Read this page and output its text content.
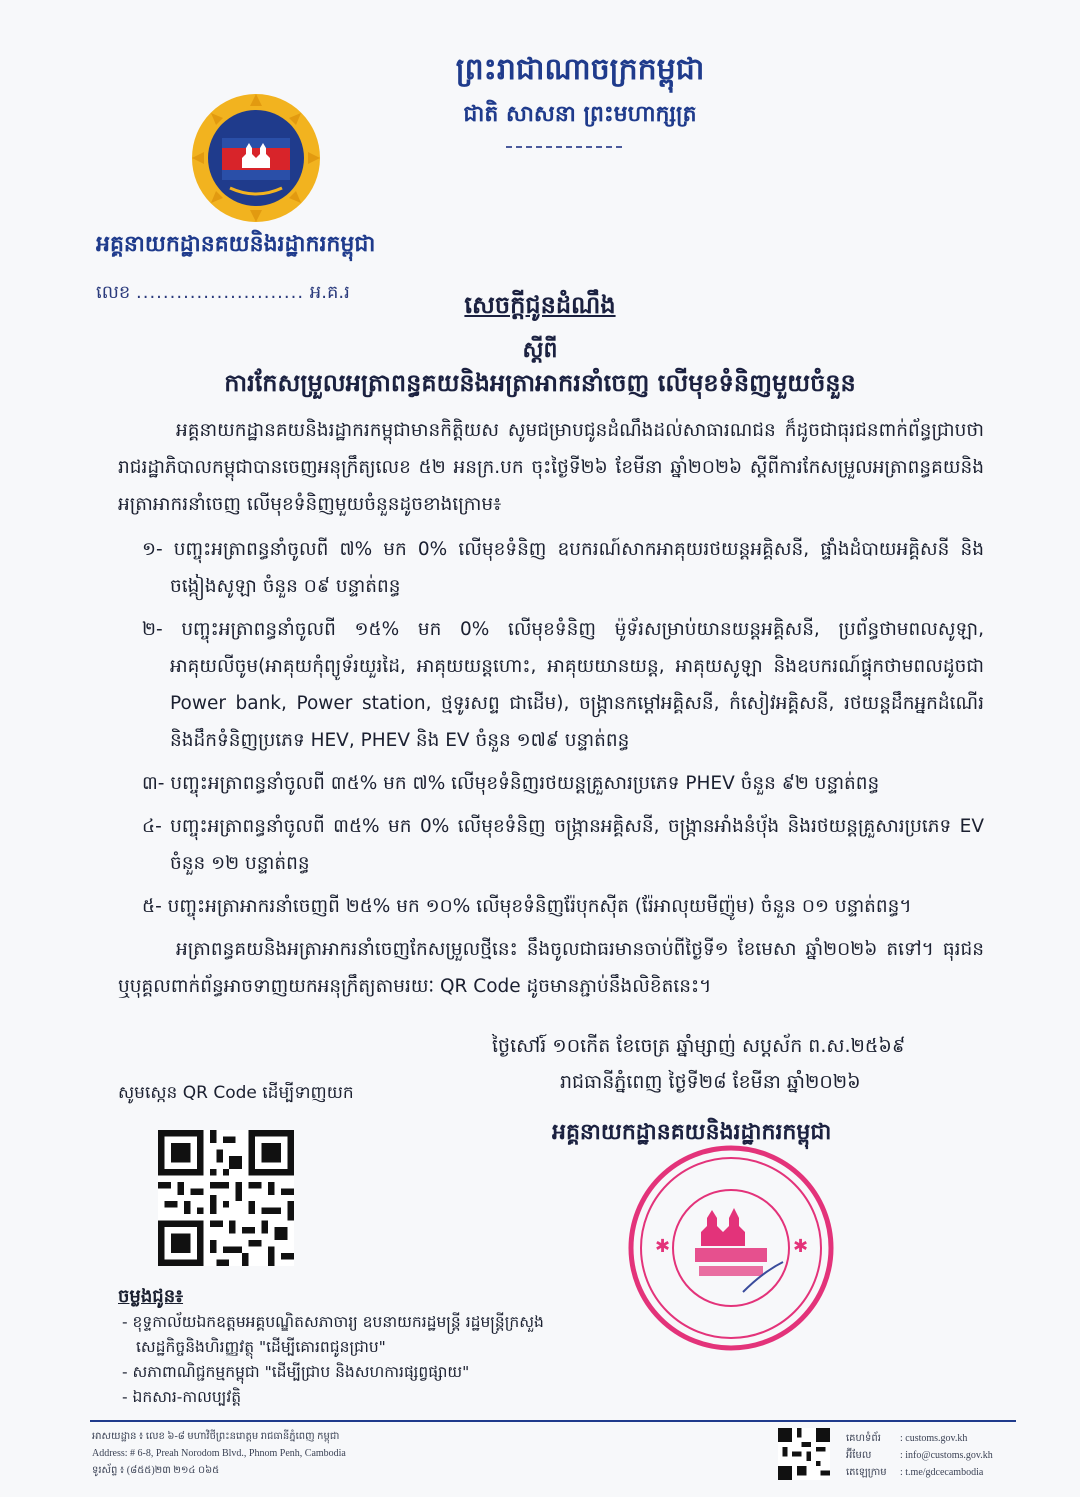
ព្រះរាជាណាចក្រកម្ពុជា
ជាតិ សាសនា ព្រះមហាក្សត្រ
អគ្គនាយកដ្ឋានគយនិងរដ្ឋាករកម្ពុជា
លេខ ......................... អ.គ.រ	សេចក្តីជូនដំណឹង
ស្តីពី
ការកែសម្រួលអត្រាពន្ធគយនិងអត្រាអាករនាំចេញ លើមុខទំនិញមួយចំនួន

អគ្គនាយកដ្ឋានគយនិងរដ្ឋាករកម្ពុជាមានកិត្តិយស សូមជម្រាបជូនដំណឹងដល់សាធារណជន ក៏ដូចជាធុរជនពាក់ព័ន្ធជ្រាបថា រាជរដ្ឋាភិបាលកម្ពុជាបានចេញអនុក្រឹត្យលេខ ៥២ អនក្រ.បក ចុះថ្ងៃទី២៦ ខែមីនា ឆ្នាំ២០២៦ ស្តីពីការកែសម្រួលអត្រាពន្ធគយនិងអត្រាអាករនាំចេញ លើមុខទំនិញមួយចំនួនដូចខាងក្រោម៖

១- បញ្ចុះអត្រាពន្ធនាំចូលពី ៧% មក 0% លើមុខទំនិញ ឧបករណ៍សាកអាគុយរថយន្តអគ្គិសនី, ផ្ទាំងដំបាយអគ្គិសនី និងចង្កៀងសូឡា ចំនួន ០៩ បន្ទាត់ពន្ធ

២- បញ្ចុះអត្រាពន្ធនាំចូលពី ១៥% មក 0% លើមុខទំនិញ ម៉ូទ័រសម្រាប់យានយន្តអគ្គិសនី, ប្រព័ន្ធថាមពលសូឡា, អាគុយលីចូម(អាគុយកុំព្យូទ័រយួរដៃ, អាគុយយន្តហោះ, អាគុយយានយន្ត, អាគុយសូឡា និងឧបករណ៍ផ្ទុកថាមពលដូចជា Power bank, Power station, ថ្មទូរសព្ទ ជាដើម), ចង្ក្រានកម្តៅអគ្គិសនី, កំសៀវអគ្គិសនី, រថយន្តដឹកអ្នកដំណើរ និងដឹកទំនិញប្រភេទ HEV, PHEV និង EV ចំនួន ១៧៩ បន្ទាត់ពន្ធ

៣- បញ្ចុះអត្រាពន្ធនាំចូលពី ៣៥% មក ៧% លើមុខទំនិញរថយន្តគ្រួសារប្រភេទ PHEV ចំនួន ៩២ បន្ទាត់ពន្ធ

៤- បញ្ចុះអត្រាពន្ធនាំចូលពី ៣៥% មក 0% លើមុខទំនិញ ចង្ក្រានអគ្គិសនី, ចង្ក្រានអាំងនំប៉័ង និងរថយន្តគ្រួសារប្រភេទ EV ចំនួន ១២ បន្ទាត់ពន្ធ

៥- បញ្ចុះអត្រាអាករនាំចេញពី ២៥% មក ១០% លើមុខទំនិញរ៉ែបុកស៊ីត (រ៉ែអាលុយមីញ៉ូម) ចំនួន ០១ បន្ទាត់ពន្ធ។

អត្រាពន្ធគយនិងអត្រាអាករនាំចេញកែសម្រួលថ្មីនេះ នឹងចូលជាធរមានចាប់ពីថ្ងៃទី១ ខែមេសា ឆ្នាំ២០២៦ តទៅ។ ធុរជន ឬបុគ្គលពាក់ព័ន្ធអាចទាញយកអនុក្រឹត្យតាមរយៈ QR Code ដូចមានភ្ជាប់នឹងលិខិតនេះ។

ថ្ងៃសៅរ៍ ១០កើត ខែចេត្រ ឆ្នាំម្សាញ់ សប្តស័ក ព.ស.២៥៦៩
រាជធានីភ្នំពេញ ថ្ងៃទី២៨ ខែមីនា ឆ្នាំ២០២៦
អគ្គនាយកដ្ឋានគយនិងរដ្ឋាករកម្ពុជា
✱	✱
សូមស្កេន QR Code ដើម្បីទាញយក
ចម្លងជូន៖
- ខុទ្ទកាល័យឯកឧត្តមអគ្គបណ្ឌិតសភាចារ្យ ឧបនាយករដ្ឋមន្ត្រី រដ្ឋមន្ត្រីក្រសួងសេដ្ឋកិច្ចនិងហិរញ្ញវត្ថុ "ដើម្បីគោរពជូនជ្រាប"
- សភាពាណិជ្ជកម្មកម្ពុជា "ដើម្បីជ្រាប និងសហការផ្សព្វផ្សាយ"
- ឯកសារ-កាលប្បវត្តិ
អាសយដ្ឋាន ៖ លេខ ៦-៨ មហាវិថីព្រះនរោត្តម រាជធានីភ្នំពេញ កម្ពុជា
Address: # 6-8, Preah Norodom Blvd., Phnom Penh, Cambodia
ទូរស័ព្ទ ៖ (៨៥៥)២៣ ២១៤ ០៦៥
គេហទំព័រ : customs.gov.kh
អ៊ីមែល	: info@customs.gov.kh
តេឡេក្រាម : t.me/gdcecambodia
